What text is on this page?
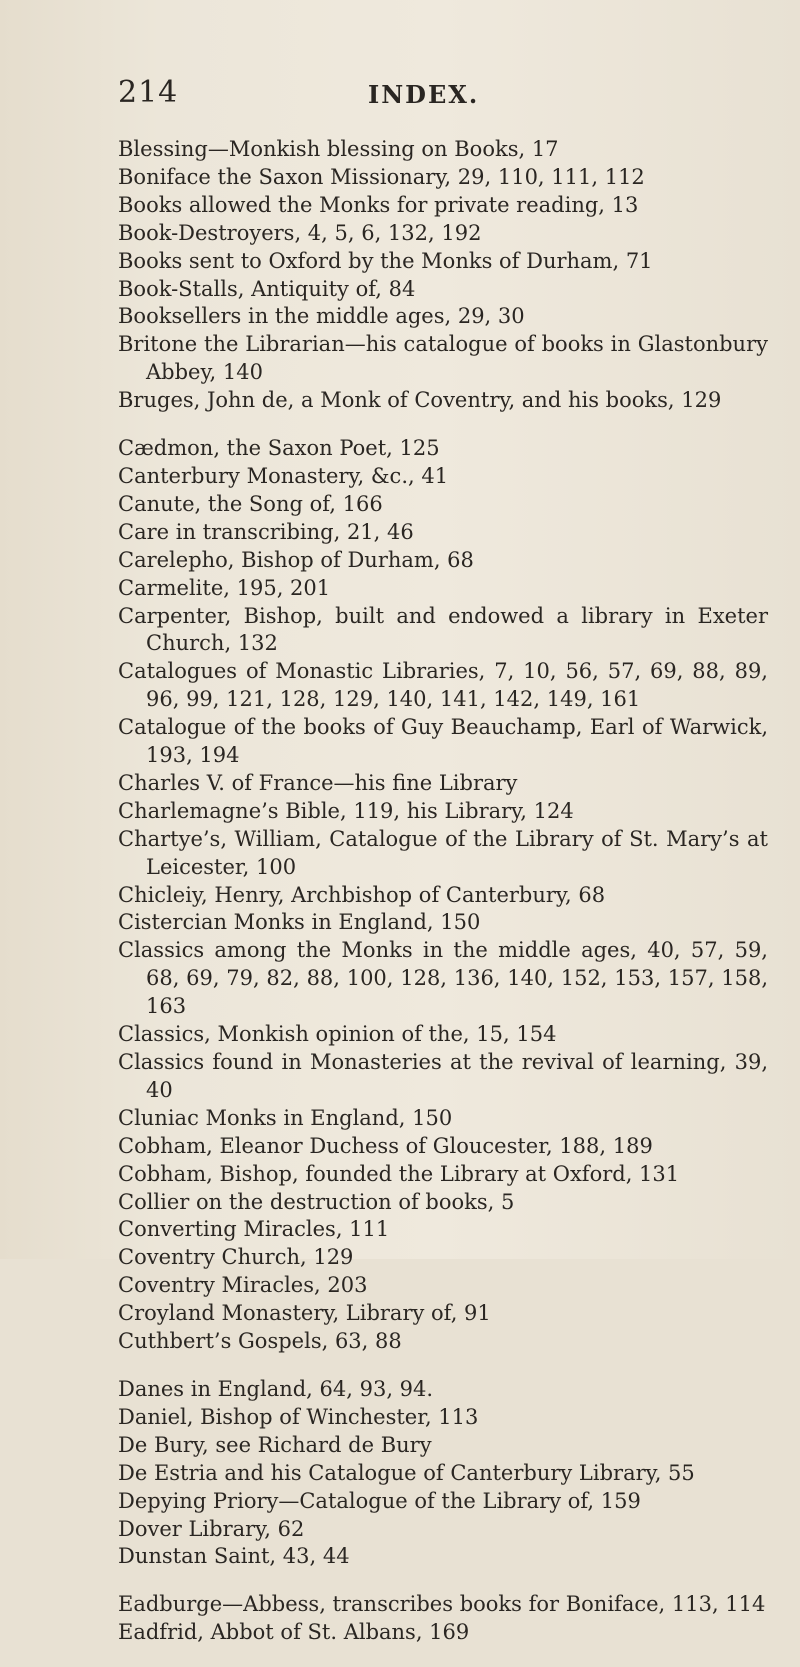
214	INDEX.
Blessing—Monkish blessing on Books, 17
Boniface the Saxon Missionary, 29, 110, 111, 112
Books allowed the Monks for private reading, 13
Book-Destroyers, 4, 5, 6, 132, 192
Books sent to Oxford by the Monks of Durham, 71
Book-Stalls, Antiquity of, 84
Booksellers in the middle ages, 29, 30
Britone the Librarian—his catalogue of books in Glastonbury Abbey, 140
Bruges, John de, a Monk of Coventry, and his books, 129
Cædmon, the Saxon Poet, 125
Canterbury Monastery, &c., 41
Canute, the Song of, 166
Care in transcribing, 21, 46
Carelepho, Bishop of Durham, 68
Carmelite, 195, 201
Carpenter, Bishop, built and endowed a library in Exeter Church, 132
Catalogues of Monastic Libraries, 7, 10, 56, 57, 69, 88, 89, 96, 99, 121, 128, 129, 140, 141, 142, 149, 161
Catalogue of the books of Guy Beauchamp, Earl of Warwick, 193, 194
Charles V. of France—his fine Library
Charlemagne’s Bible, 119, his Library, 124
Chartye’s, William, Catalogue of the Library of St. Mary’s at Leicester, 100
Chicleiy, Henry, Archbishop of Canterbury, 68
Cistercian Monks in England, 150
Classics among the Monks in the middle ages, 40, 57, 59, 68, 69, 79, 82, 88, 100, 128, 136, 140, 152, 153, 157, 158, 163
Classics, Monkish opinion of the, 15, 154
Classics found in Monasteries at the revival of learning, 39, 40
Cluniac Monks in England, 150
Cobham, Eleanor Duchess of Gloucester, 188, 189
Cobham, Bishop, founded the Library at Oxford, 131
Collier on the destruction of books, 5
Converting Miracles, 111
Coventry Church, 129
Coventry Miracles, 203
Croyland Monastery, Library of, 91
Cuthbert’s Gospels, 63, 88
Danes in England, 64, 93, 94.
Daniel, Bishop of Winchester, 113
De Bury, see Richard de Bury
De Estria and his Catalogue of Canterbury Library, 55
Depying Priory—Catalogue of the Library of, 159
Dover Library, 62
Dunstan Saint, 43, 44
Eadburge—Abbess, transcribes books for Boniface, 113, 114
Eadfrid, Abbot of St. Albans, 169
